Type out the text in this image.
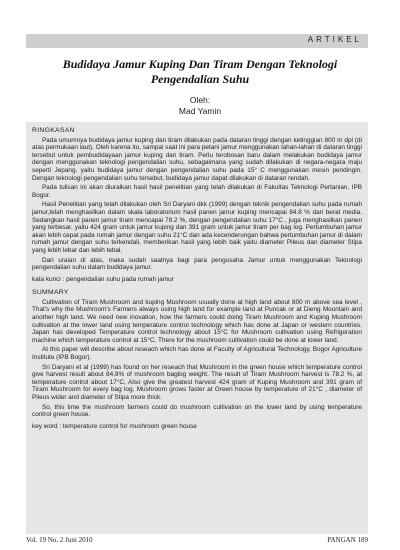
ARTIKEL
Budidaya Jamur Kuping Dan Tiram Dengan Teknologi
Pengendalian Suhu
Oleh:
Mad Yamin
RINGKASAN

Pada umumnya budidaya jamur kuping dan tiram dilakukan pada dataran tinggi dengan ketinggian 800 m dpl (di atas permukaan laut). Oleh karena itu, sampai saat ini para petani jamur menggunakan lahan-lahan di dataran tinggi tersebut untuk pembudidayaan jamur kuping dan tiram. Perlu terobosan baru dalam melakukan budidaya jamur dengan menggunakan teknologi pengendalian suhu, sebagaimana yang sudah dilakukan di negara-negara maju seperti Jepang, yaitu budidaya jamur dengan pengendalian suhu pada 15° C menggunakan mesin pendingin. Dengan teknologi pengendalian suhu tersebut, budidaya jamur dapat dilakukan di dataran rendah.

Pada tulisan ini akan diuraikan hasil hasil penelitian yang telah dilakukan di Fakultas Teknologi Pertanian, IPB Bogor.

Hasil Penelitian yang telah dilakukan oleh Sri Daryani dkk (1999) dengan teknik pengendalian suhu pada rumah jamur,telah menghasilkan dalam skala laboratorium hasil panen jamur kuping mencapai 84.8 % dari berat media. Sedangkan hasil panen jamur tiram mencapai 78.2 %, dengan pengendalian suhu 17°C , juga menghasilkan panen yang terbesar, yaitu 424 gram untuk jamur kuping dan 391 gram untuk jamur tiram per bag log. Pertumbuhan jamur akan lebih cepat pada rumah jamur dengan suhu 21°C dan ada kecenderungan bahwa pertumbuhan jamur di dalam rumah jamur dengan suhu terkendali, memberikan hasil yang lebih baik yaitu diameter Pileus dan diameter Stipa yang lebih lebar dan lebih tebal.

Dari uraian di atas, maka sudah saatnya bagi para pengusaha Jamur untuk menggunakan Teknologi pengendalian suhu dalam budidaya jamur.

kata kunci : pengendalian suhu pada rumah jamur

SUMMARY

Cultivation of Tiram Mushroom and kuping Mushroom usually done at high land about 800 m above sea level , That's why the Mushroom's Farmers always using high land for example land at Puncak or at Dieng Mountain and another high land. We need new inovation, how the farmers could doing Tiram Mushroom and Kuping Mushroom cultivation at the lower land using temperature control technology which has done at Japan or western countries. Japan has developed Temperature control technology about 15°C for Mushroom cultivation using Refrigeration machine which temperature control at 15°C. There for the mushroom cultivation could be done at lower land.

At this paper will describe about reseach which has done at Faculty of Agricultural Technology, Bogor Agriculture Institute (IPB Bogor).

Sri Daryani et al (1999) has found on her reseach that Mushroom in the green house which temperature control give harvest result about 84,8% of mushroom baglog weight. The result of Tiram Mushroom harvest is 78.2 %, at temperature control about 17°C, Also give the greatest harvest 424 gram of Kuping Mushroom and 391 gram of Tiram Mushroom for every bag log, Mushroom grows faster at Green house by temperature of 21°C , diameter of Pileus wider and diameter of Stipa more thick.

So, this time the mushroom farmers could do mushroom cultivation on the lower land by using temperature control green house.

key word : temperature control for mushroom green house

Vol. 19 No. 2 Juni 2010	PANGAN 189
